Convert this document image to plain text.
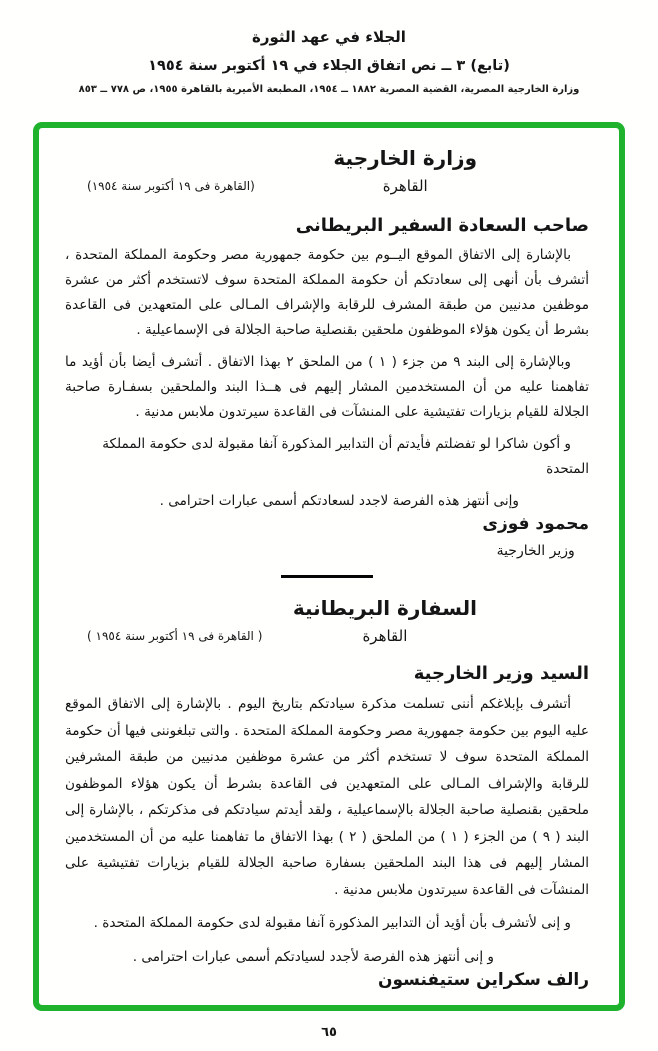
الجلاء في عهد الثورة
(تابع) ٣ ــ نص اتفاق الجلاء في ١٩ أكتوبر سنة ١٩٥٤
وزارة الخارجية المصرية، القضية المصرية ١٨٨٢ ــ ١٩٥٤، المطبعة الأميرية بالقاهرة ١٩٥٥، ص ٧٧٨ ــ ٨٥٣
وزارة الخارجية
القاهرة
(القاهرة فى ١٩ أكتوبر سنة ١٩٥٤)
صاحب السعادة السفير البريطانى

بالإشارة إلى الاتفاق الموقع اليــوم بين حكومة جمهورية مصر وحكومة المملكة المتحدة ، أتشرف بأن أنهى إلى سعادتكم أن حكومة المملكة المتحدة سوف لاتستخدم أكثر من عشرة موظفين مدنيين من طبقة المشرف للرقابة والإشراف المـالى على المتعهدين فى القاعدة بشرط أن يكون هؤلاء الموظفون ملحقين بقنصلية صاحبة الجلالة فى الإسماعيلية .

وبالإشارة إلى البند ٩ من جزء ( ١ ) من الملحق ٢ بهذا الاتفاق . أتشرف أيضا بأن أؤيد ما تفاهمنا عليه من أن المستخدمين المشار إليهم فى هــذا البند والملحقين بسفـارة صاحبة الجلالة للقيام بزيارات تفتيشية على المنشآت فى القاعدة سيرتدون ملابس مدنية .

و أكون شاكرا لو تفضلتم فأيدتم أن التدابير المذكورة آنفا مقبولة لدى حكومة المملكة المتحدة

وإنى أنتهز هذه الفرصة لاجدد لسعادتكم أسمى عبارات احترامى .

محمود فوزى
وزير الخارجية
السفارة البريطانية
القاهرة
( القاهرة فى ١٩ أكتوبر سنة ١٩٥٤ )
السيد وزير الخارجية

أتشرف بإبلاغكم أننى تسلمت مذكرة سيادتكم بتاريخ اليوم . بالإشارة إلى الاتفاق الموقع عليه اليوم بين حكومة جمهورية مصر وحكومة المملكة المتحدة . والتى تبلغوننى فيها أن حكومة المملكة المتحدة سوف لا تستخدم أكثر من عشرة موظفين مدنيين من طبقة المشرفين للرقابة والإشراف المـالى على المتعهدين فى القاعدة بشرط أن يكون هؤلاء الموظفون ملحقين بقنصلية صاحبة الجلالة بالإسماعيلية ، ولقد أيدتم سيادتكم فى مذكرتكم ، بالإشارة إلى البند ( ٩ ) من الجزء ( ١ ) من الملحق ( ٢ ) بهذا الاتفاق ما تفاهمنا عليه من أن المستخدمين المشار إليهم فى هذا البند الملحقين بسفارة صاحبة الجلالة للقيام بزيارات تفتيشية على المنشآت فى القاعدة سيرتدون ملابس مدنية .

و إنى لأتشرف بأن أؤيد أن التدابير المذكورة آنفا مقبولة لدى حكومة المملكة المتحدة .

و إنى أنتهز هذه الفرصة لأجدد لسيادتكم أسمى عبارات احترامى .

رالف سكراين ستيفنسون
٦٥
